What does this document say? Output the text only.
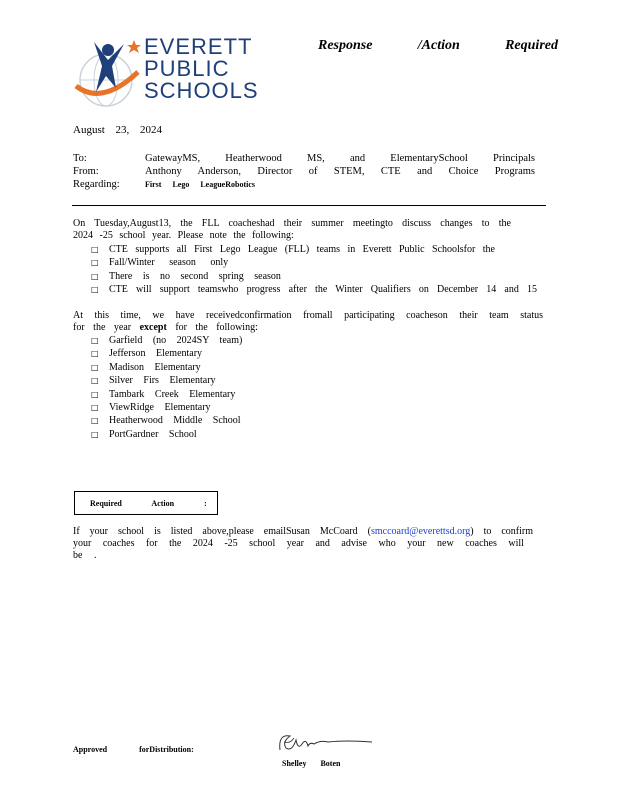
EVERETT
PUBLIC
SCHOOLS
Response	/Action	Required
August 23, 2024
To:	GatewayMS, Heatherwood MS, and ElementarySchool Principals
From:	Anthony Anderson, Director of STEM, CTE and Choice Programs
Regarding:	First Lego LeagueRobotics

On Tuesday,August13, the FLL coacheshad their summer meetingto discuss changes to the

2024 -25 school year. Please note the following:

□ CTE supports all First Lego League (FLL) teams in Everett Public Schoolsfor the
□ Fall/Winter season only
□ There is no second spring season
□ CTE will support teamswho progress after the Winter Qualifiers on December 14 and 15

At this time, we have receivedconfirmation fromall participating coacheson their team status

for the year except for the following:

□ Garfield (no 2024SY team)
□ Jefferson Elementary
□ Madison Elementary
□ Silver Firs Elementary
□ Tambark Creek Elementary
□ ViewRidge Elementary
□ Heatherwood Middle School
□ PortGardner School
Required Action :

If your school is listed above,please emailSusan McCoard (smccoard@everettsd.org) to confirm

your coaches for the 2024 -25 school year and advise who your new coaches will be .

Approved forDistribution:
Shelley Boten
